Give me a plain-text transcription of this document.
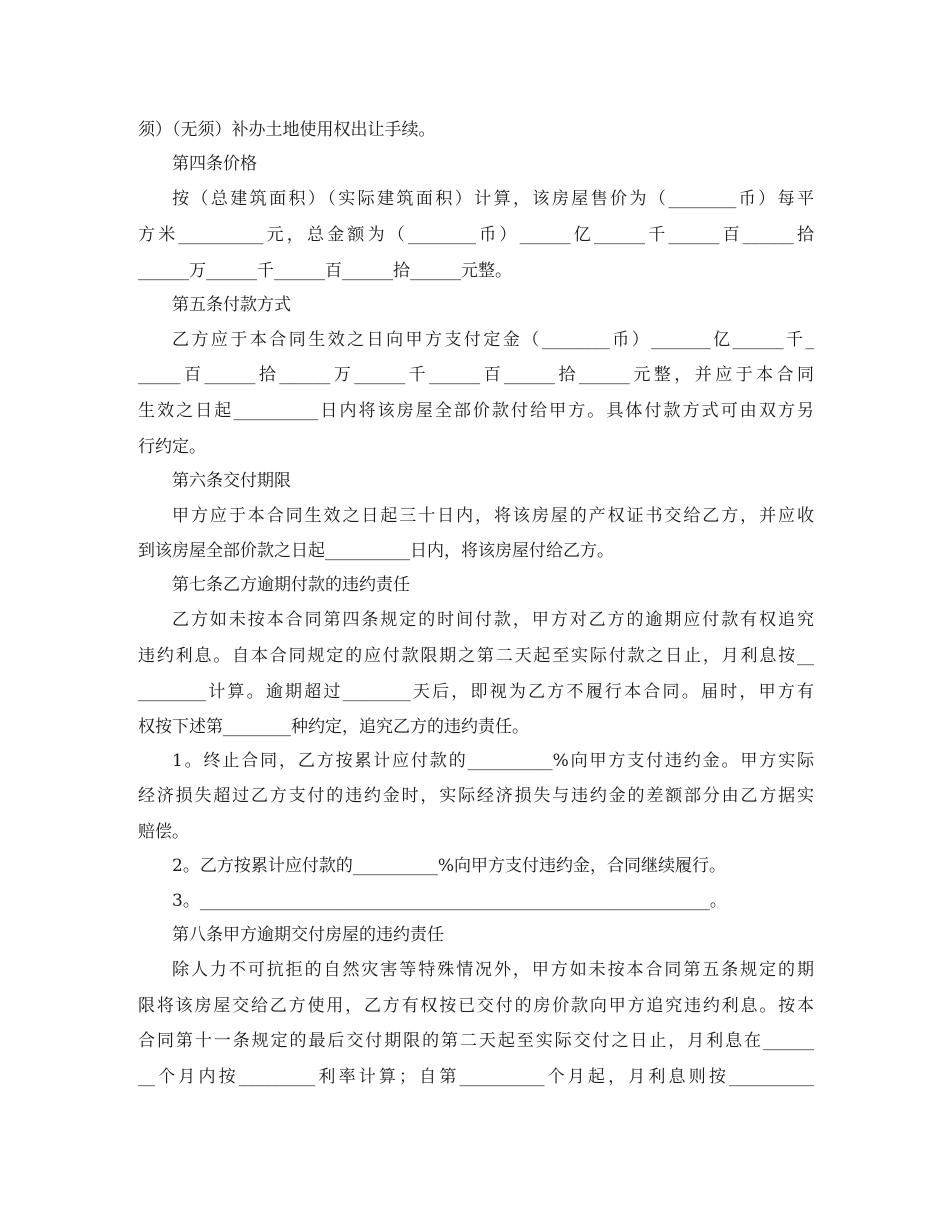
须）（无须）补办土地使用权出让手续。
第四条价格
按（总建筑面积）（实际建筑面积）计算，该房屋售价为（________币）每平
方米__________元，总金额为（________币）______亿______千______百______拾
______万______千______百______拾______元整。
第五条付款方式
乙方应于本合同生效之日向甲方支付定金（________币）_______亿______千_
_____百______拾______万______千______百______拾______元整，并应于本合同
生效之日起__________日内将该房屋全部价款付给甲方。具体付款方式可由双方另
行约定。
第六条交付期限
甲方应于本合同生效之日起三十日内，将该房屋的产权证书交给乙方，并应收
到该房屋全部价款之日起__________日内，将该房屋付给乙方。
第七条乙方逾期付款的违约责任
乙方如未按本合同第四条规定的时间付款，甲方对乙方的逾期应付款有权追究
违约利息。自本合同规定的应付款限期之第二天起至实际付款之日止，月利息按__
________计算。逾期超过________天后，即视为乙方不履行本合同。届时，甲方有
权按下述第________种约定，追究乙方的违约责任。
1。终止合同，乙方按累计应付款的__________%向甲方支付违约金。甲方实际
经济损失超过乙方支付的违约金时，实际经济损失与违约金的差额部分由乙方据实
赔偿。
2。乙方按累计应付款的__________%向甲方支付违约金，合同继续履行。
3。____________________________________________________________。
第八条甲方逾期交付房屋的违约责任
除人力不可抗拒的自然灾害等特殊情况外，甲方如未按本合同第五条规定的期
限将该房屋交给乙方使用，乙方有权按已交付的房价款向甲方追究违约利息。按本
合同第十一条规定的最后交付期限的第二天起至实际交付之日止，月利息在______
__个月内按_________利率计算；自第__________个月起，月利息则按__________
